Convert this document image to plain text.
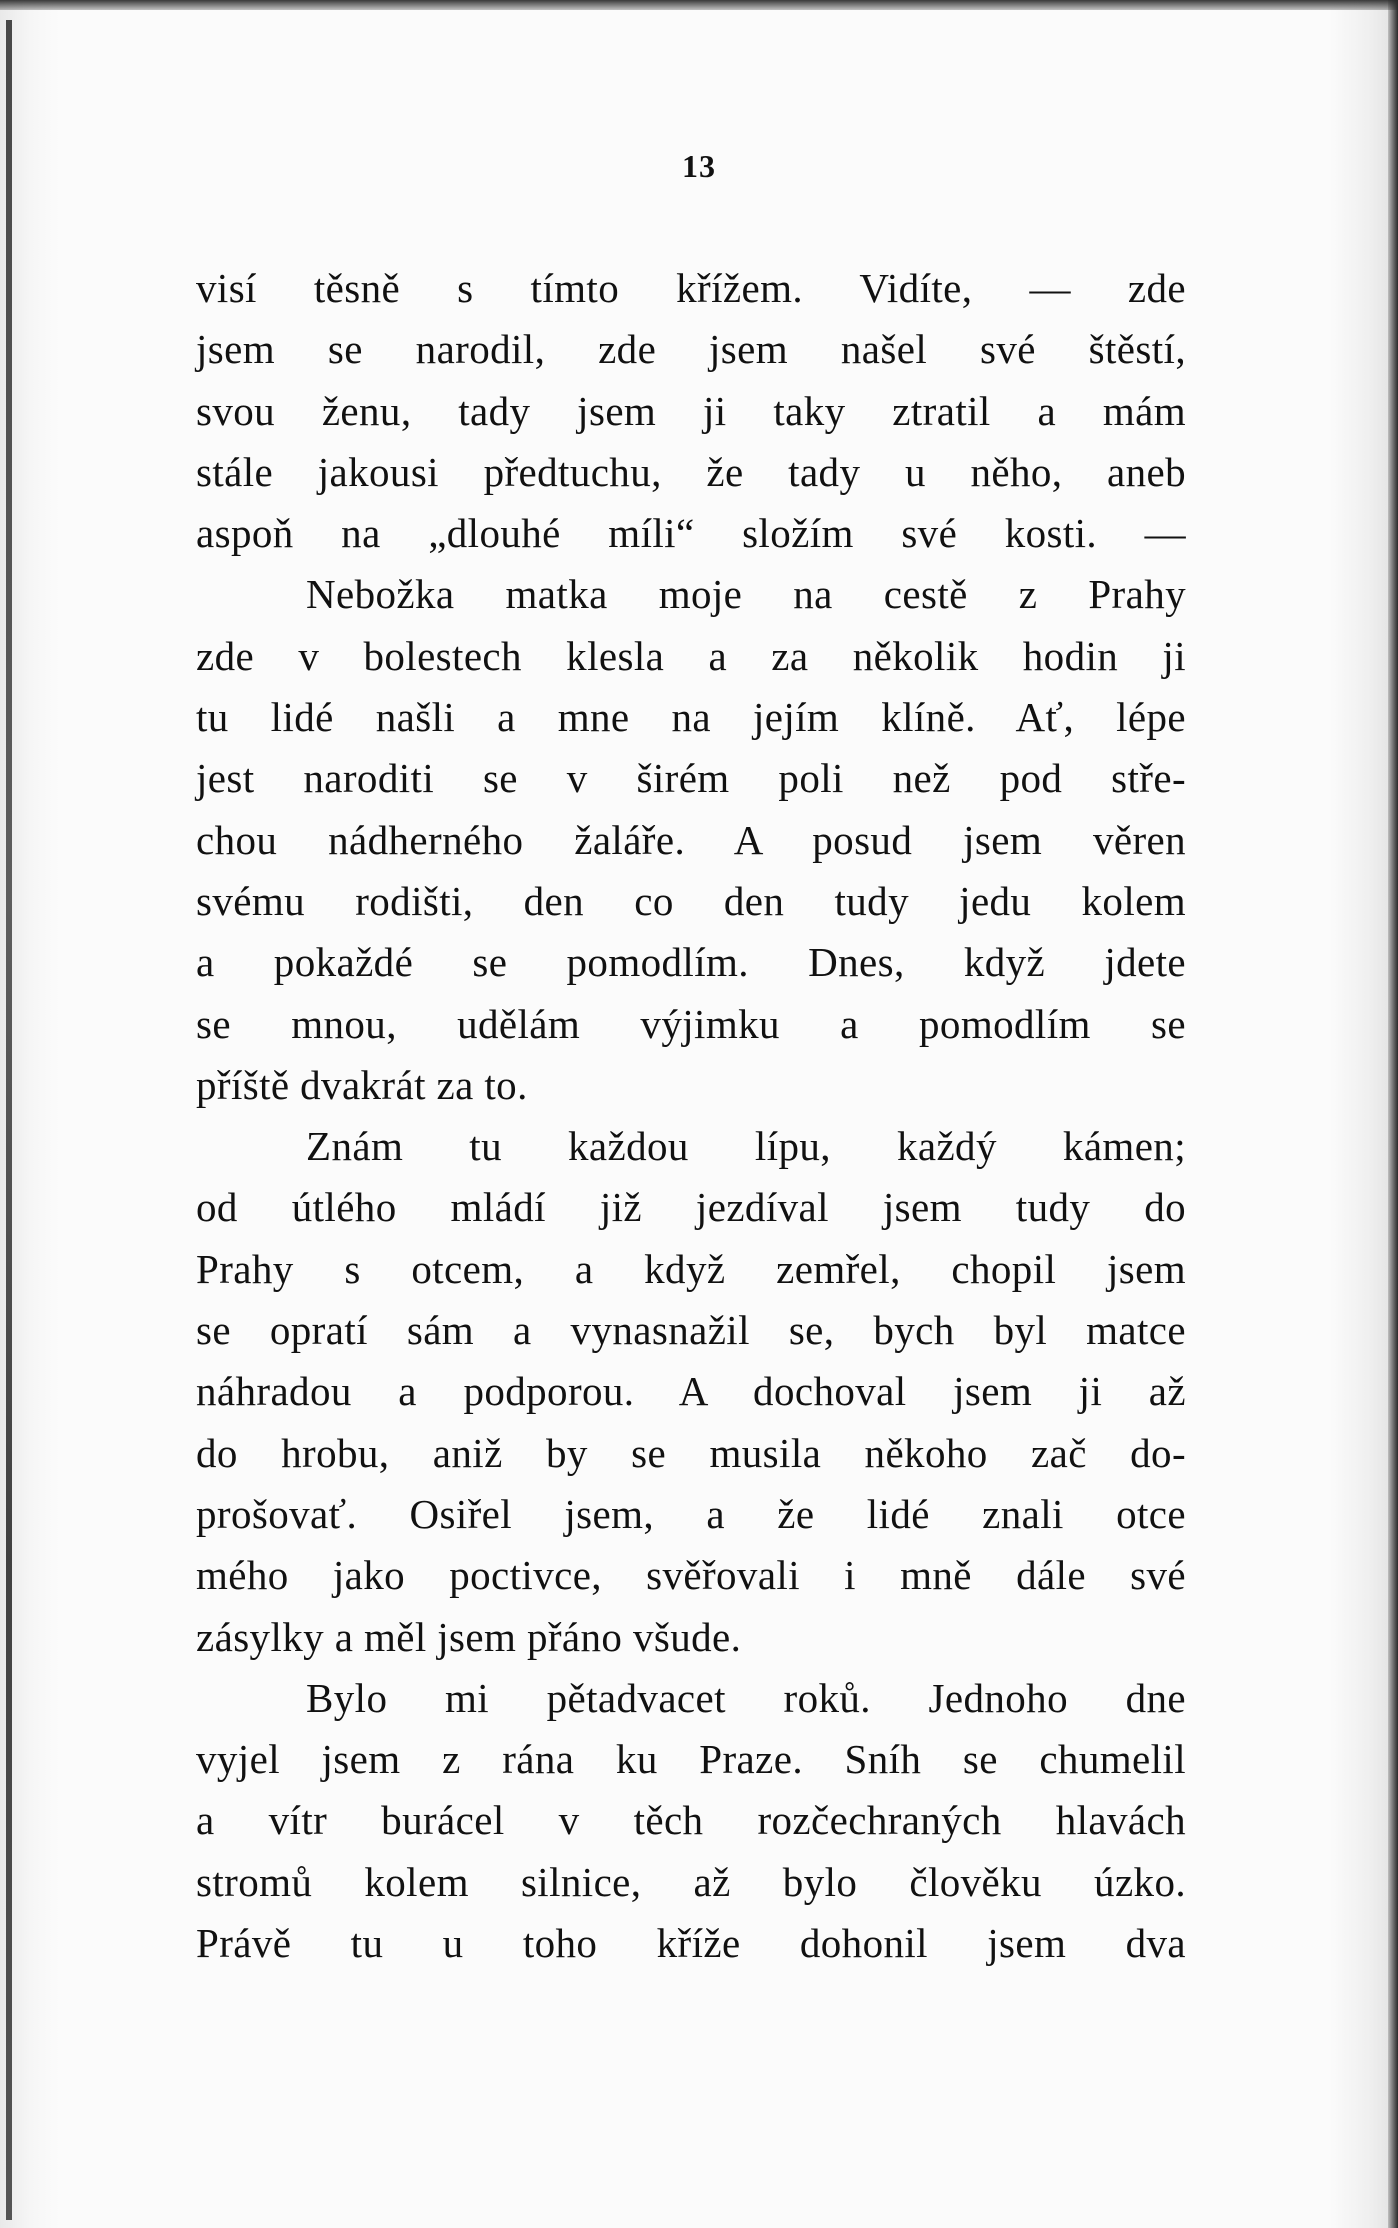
13
visí těsně s tímto křížem. Vidíte, — zde
jsem se narodil, zde jsem našel své štěstí,
svou ženu, tady jsem ji taky ztratil a mám
stále jakousi předtuchu, že tady u něho, aneb
aspoň na „dlouhé míli“ složím své kosti. —
Nebožka matka moje na cestě z Prahy
zde v bolestech klesla a za několik hodin ji
tu lidé našli a mne na jejím klíně. Ať, lépe
jest naroditi se v širém poli než pod stře-
chou nádherného žaláře. A posud jsem věren
svému rodišti, den co den tudy jedu kolem
a pokaždé se pomodlím. Dnes, když jdete
se mnou, udělám výjimku a pomodlím se
příště dvakrát za to.
Znám tu každou lípu, každý kámen;
od útlého mládí již jezdíval jsem tudy do
Prahy s otcem, a když zemřel, chopil jsem
se opratí sám a vynasnažil se, bych byl matce
náhradou a podporou. A dochoval jsem ji až
do hrobu, aniž by se musila někoho zač do-
prošovať. Osiřel jsem, a že lidé znali otce
mého jako poctivce, svěřovali i mně dále své
zásylky a měl jsem přáno všude.
Bylo mi pětadvacet roků. Jednoho dne
vyjel jsem z rána ku Praze. Sníh se chumelil
a vítr burácel v těch rozčechraných hlavách
stromů kolem silnice, až bylo člověku úzko.
Právě tu u toho kříže dohonil jsem dva
